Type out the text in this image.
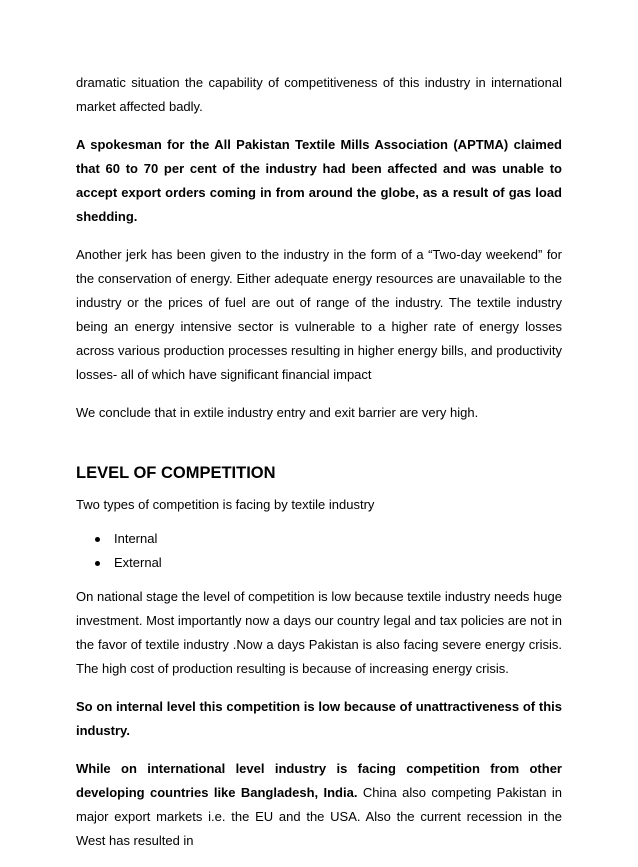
dramatic situation the capability of competitiveness of this industry in international market affected badly.

A spokesman for the All Pakistan Textile Mills Association (APTMA) claimed that 60 to 70 per cent of the industry had been affected and was unable to accept export orders coming in from around the globe, as a result of gas load shedding.

Another jerk has been given to the industry in the form of a “Two-day weekend” for the conservation of energy. Either adequate energy resources are unavailable to the industry or the prices of fuel are out of range of the industry. The textile industry being an energy intensive sector is vulnerable to a higher rate of energy losses across various production processes resulting in higher energy bills, and productivity losses- all of which have significant financial impact

We conclude that in extile industry entry and exit barrier are very high.

LEVEL OF COMPETITION

Two types of competition is facing by textile industry

Internal
External

On national stage the level of competition is low because textile industry needs huge investment. Most importantly now a days our country legal and tax policies are not in the favor of textile industry .Now a days Pakistan is also facing severe energy crisis. The high cost of production resulting is because of increasing energy crisis.

So on internal level this competition is low because of unattractiveness of this industry.

While on international level industry is facing competition from other developing countries like Bangladesh, India. China also competing Pakistan in major export markets i.e. the EU and the USA. Also the current recession in the West has resulted in
